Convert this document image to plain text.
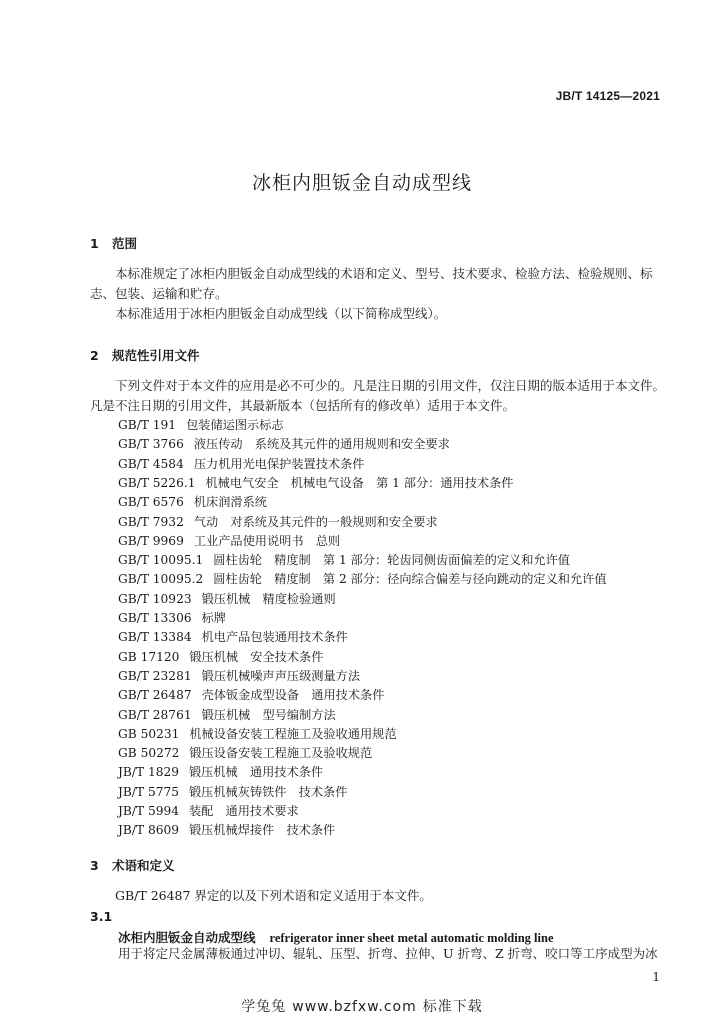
JB/T 14125—2021
冰柜内胆钣金自动成型线
1 范围
本标准规定了冰柜内胆钣金自动成型线的术语和定义、型号、技术要求、检验方法、检验规则、标志、包装、运输和贮存。
本标准适用于冰柜内胆钣金自动成型线（以下简称成型线）。
2 规范性引用文件
下列文件对于本文件的应用是必不可少的。凡是注日期的引用文件，仅注日期的版本适用于本文件。凡是不注日期的引用文件，其最新版本（包括所有的修改单）适用于本文件。
GB/T 191 包装储运图示标志
GB/T 3766 液压传动　系统及其元件的通用规则和安全要求
GB/T 4584 压力机用光电保护装置技术条件
GB/T 5226.1 机械电气安全　机械电气设备　第 1 部分：通用技术条件
GB/T 6576 机床润滑系统
GB/T 7932 气动　对系统及其元件的一般规则和安全要求
GB/T 9969 工业产品使用说明书　总则
GB/T 10095.1 圆柱齿轮　精度制　第 1 部分：轮齿同侧齿面偏差的定义和允许值
GB/T 10095.2 圆柱齿轮　精度制　第 2 部分：径向综合偏差与径向跳动的定义和允许值
GB/T 10923 锻压机械　精度检验通则
GB/T 13306 标牌
GB/T 13384 机电产品包装通用技术条件
GB 17120 锻压机械　安全技术条件
GB/T 23281 锻压机械噪声声压级测量方法
GB/T 26487 壳体钣金成型设备　通用技术条件
GB/T 28761 锻压机械　型号编制方法
GB 50231 机械设备安装工程施工及验收通用规范
GB 50272 锻压设备安装工程施工及验收规范
JB/T 1829 锻压机械　通用技术条件
JB/T 5775 锻压机械灰铸铁件　技术条件
JB/T 5994 装配　通用技术要求
JB/T 8609 锻压机械焊接件　技术条件
3 术语和定义
GB/T 26487 界定的以及下列术语和定义适用于本文件。
3.1
冰柜内胆钣金自动成型线 refrigerator inner sheet metal automatic molding line
用于将定尺金属薄板通过冲切、辊轧、压型、折弯、拉伸、U 折弯、Z 折弯、咬口等工序成型为冰
1
学兔兔 www.bzfxw.com 标准下载
